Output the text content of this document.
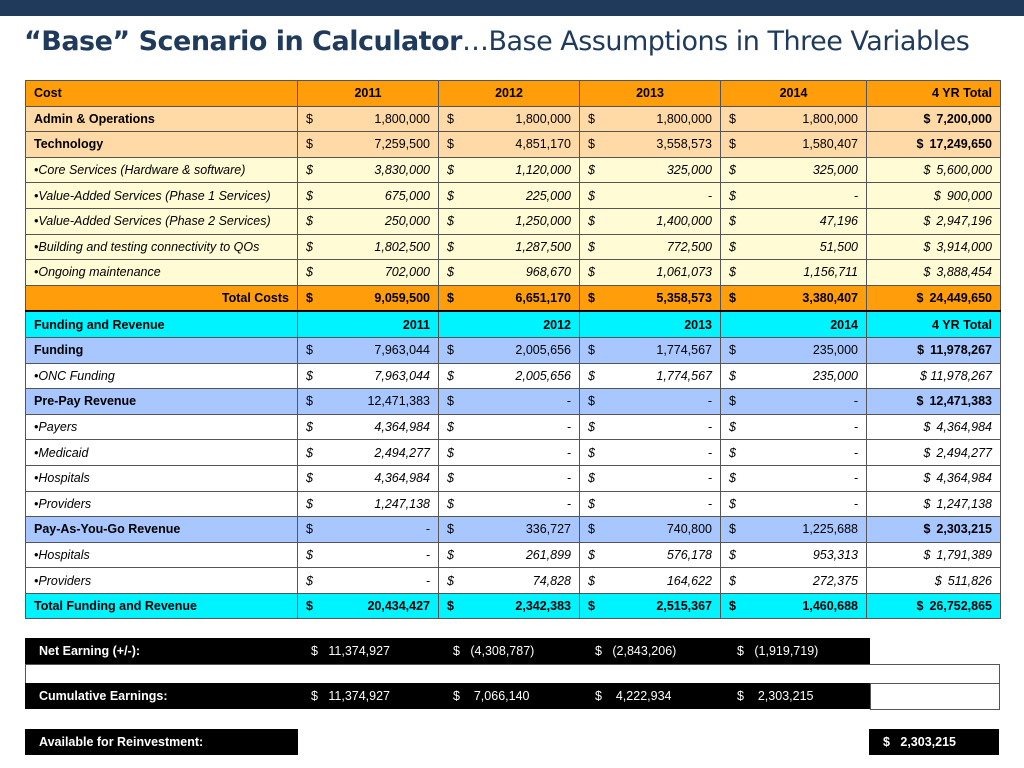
“Base” Scenario in Calculator…Base Assumptions in Three Variables
Cost	2011	2012	2013	2014	4 YR Total
Admin & Operations	$ 1,800,000	$ 1,800,000	$ 1,800,000	$ 1,800,000	$ 7,200,000

Technology	$ 7,259,500	$ 4,851,170	$ 3,558,573	$ 1,580,407	$ 17,249,650

•Core Services (Hardware & software)	$ 3,830,000	$ 1,120,000	$ 325,000	$ 325,000	$ 5,600,000

•Value-Added Services (Phase 1 Services)	$ 675,000	$ 225,000	$ -	$ -	$ 900,000

•Value-Added Services (Phase 2 Services)	$ 250,000	$ 1,250,000	$ 1,400,000	$ 47,196	$ 2,947,196

•Building and testing connectivity to QOs	$ 1,802,500	$ 1,287,500	$ 772,500	$ 51,500	$ 3,914,000

•Ongoing maintenance	$ 702,000	$ 968,670	$ 1,061,073	$ 1,156,711	$ 3,888,454

Total Costs	$ 9,059,500	$ 6,651,170	$ 5,358,573	$ 3,380,407	$ 24,449,650

Funding and Revenue	2011	2012	2013	2014	4 YR Total
Funding	$ 7,963,044	$ 2,005,656	$ 1,774,567	$ 235,000	$ 11,978,267

•ONC Funding	$ 7,963,044	$ 2,005,656	$ 1,774,567	$ 235,000	$ 11,978,267
Pre-Pay Revenue	$ 12,471,383	$ -	$ -	$ -	$ 12,471,383

•Payers	$ 4,364,984	$ -	$ -	$ -	$ 4,364,984

•Medicaid	$ 2,494,277	$ -	$ -	$ -	$ 2,494,277

•Hospitals	$ 4,364,984	$ -	$ -	$ -	$ 4,364,984

•Providers	$ 1,247,138	$ -	$ -	$ -	$ 1,247,138

Pay-As-You-Go Revenue	$ -	$ 336,727	$ 740,800	$ 1,225,688	$ 2,303,215

•Hospitals	$ -	$ 261,899	$ 576,178	$ 953,313	$ 1,791,389

•Providers	$ -	$ 74,828	$ 164,622	$ 272,375	$ 511,826

Total Funding and Revenue	$ 20,434,427	$ 2,342,383	$ 2,515,367	$ 1,460,688	$ 26,752,865
Net Earning (+/-):	$ 11,374,927	$ (4,308,787)	$ (2,843,206)	$ (1,919,719)
Cumulative Earnings:	$ 11,374,927	$ 7,066,140	$ 4,222,934	$ 2,303,215
Available for Reinvestment:	$ 2,303,215
